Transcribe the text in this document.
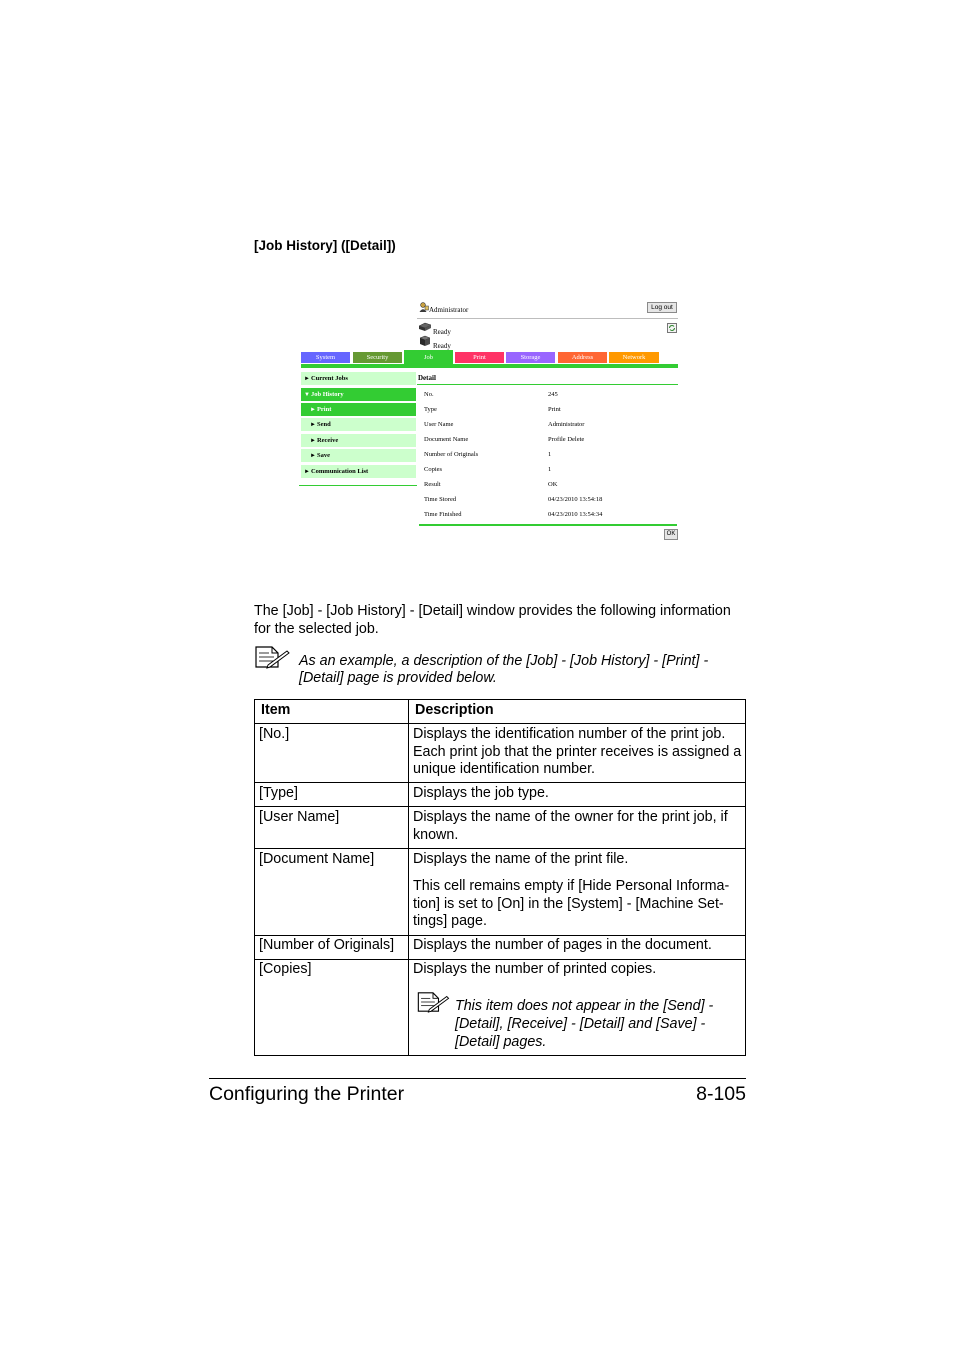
[Job History] ([Detail])
Administrator	Log out
Ready
Ready
System	Security	Job	Print	Storage	Address	Network
►Current Jobs
▼Job History
►Print
►Send
►Receive
►Save
►Communication List
Detail
No.	245
Type	Print
User Name	Administrator
Document Name	Profile Delete
Number of Originals	1
Copies	1
Result	OK
Time Stored	04/23/2010 13:54:18
Time Finished	04/23/2010 13:54:34
OK
The [Job] - [Job History] - [Detail] window provides the following information
for the selected job.
As an example, a description of the [Job] - [Job History] - [Print] -
[Detail] page is provided below.
Item	Description
[No.]	Displays the identification number of the print job.
Each print job that the printer receives is assigned a
unique identification number.
[Type]	Displays the job type.
[User Name]	Displays the name of the owner for the print job, if
known.
[Document Name]	Displays the name of the print file.
This cell remains empty if [Hide Personal Informa-
tion] is set to [On] in the [System] - [Machine Set-
tings] page.
[Number of Originals] Displays the number of pages in the document.
[Copies]	Displays the number of printed copies.
This item does not appear in the [Send] -
[Detail], [Receive] - [Detail] and [Save] -
[Detail] pages.
Configuring the Printer	8-105
